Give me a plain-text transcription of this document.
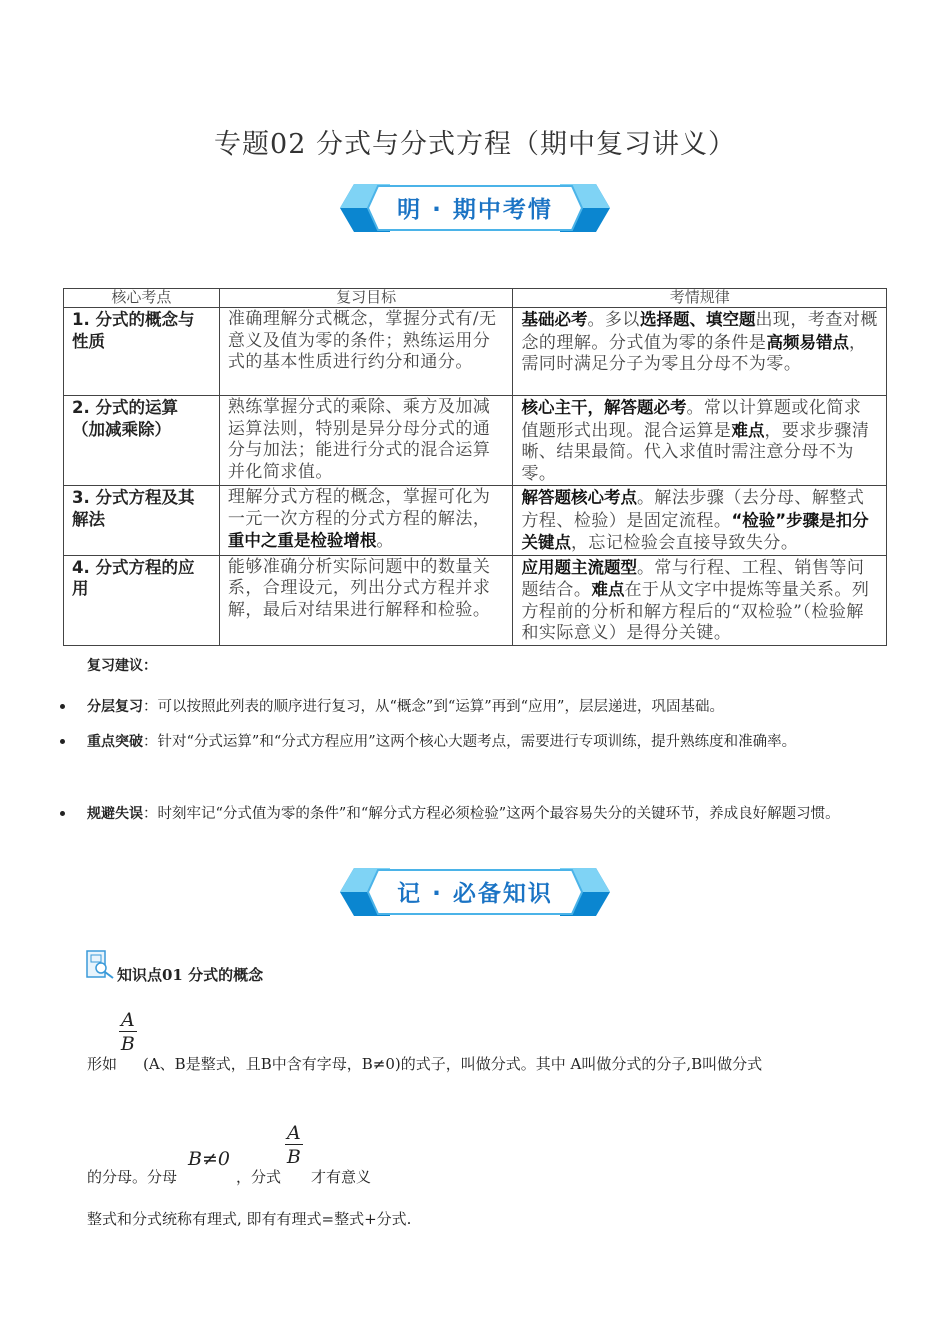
专题02 分式与分式方程（期中复习讲义）
明 · 期中考情
核心考点	复习目标	考情规律
1. 分式的概念与性质	准确理解分式概念，掌握分式有/无意义及值为零的条件；熟练运用分式的基本性质进行约分和通分。	基础必考。多以选择题、填空题出现，考查对概念的理解。分式值为零的条件是高频易错点，需同时满足分子为零且分母不为零。
2. 分式的运算（加减乘除）	熟练掌握分式的乘除、乘方及加减运算法则，特别是异分母分式的通分与加法；能进行分式的混合运算并化简求值。	核心主干，解答题必考。常以计算题或化简求值题形式出现。混合运算是难点，要求步骤清晰、结果最简。代入求值时需注意分母不为零。
3. 分式方程及其解法	理解分式方程的概念，掌握可化为一元一次方程的分式方程的解法，重中之重是检验增根。	解答题核心考点。解法步骤（去分母、解整式方程、检验）是固定流程。“检验”步骤是扣分关键点，忘记检验会直接导致失分。
4. 分式方程的应用	能够准确分析实际问题中的数量关系，合理设元，列出分式方程并求解，最后对结果进行解释和检验。	应用题主流题型。常与行程、工程、销售等问题结合。难点在于从文字中提炼等量关系。列方程前的分析和解方程后的“双检验”（检验解和实际意义）是得分关键。
复习建议：
分层复习：可以按照此列表的顺序进行复习，从“概念”到“运算”再到“应用”，层层递进，巩固基础。
重点突破：针对“分式运算”和“分式方程应用”这两个核心大题考点，需要进行专项训练，提升熟练度和准确率。
规避失误：时刻牢记“分式值为零的条件”和“解分式方程必须检验”这两个最容易失分的关键环节，养成良好解题习惯。
记 · 必备知识
知识点01 分式的概念
$\frac{A}{B}$
形如 (A、B是整式，且B中含有字母，B≠0)的式子，叫做分式。其中 A叫做分式的分子,B叫做分式
的分母。分母
B≠0
，分式
$\frac{A}{B}$
才有意义
整式和分式统称有理式, 即有有理式=整式+分式.
